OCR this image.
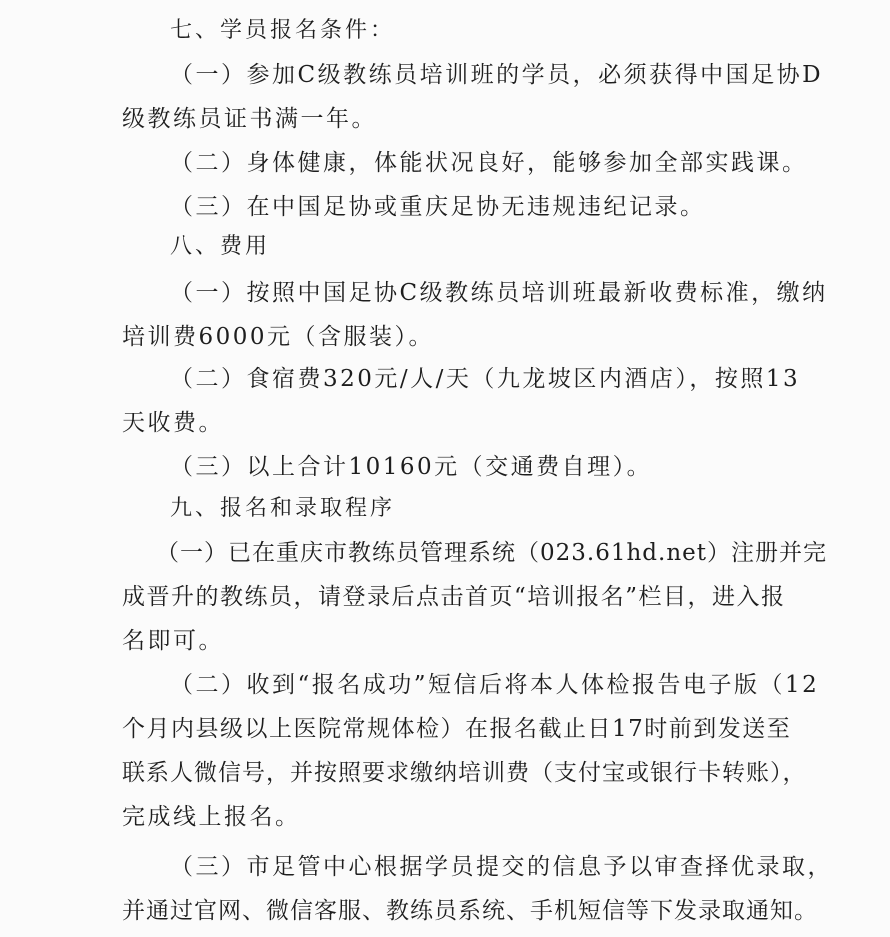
七、学员报名条件：
（一）参加C级教练员培训班的学员，必须获得中国足协D
级教练员证书满一年。
（二）身体健康，体能状况良好，能够参加全部实践课。
（三）在中国足协或重庆足协无违规违纪记录。
八、费用
（一）按照中国足协C级教练员培训班最新收费标准，缴纳
培训费6000元（含服装）。
（二）食宿费320元/人/天（九龙坡区内酒店），按照13
天收费。
（三）以上合计10160元（交通费自理）。
九、报名和录取程序
（一）已在重庆市教练员管理系统（023.61hd.net）注册并完
成晋升的教练员，请登录后点击首页“培训报名”栏目，进入报
名即可。
（二）收到“报名成功”短信后将本人体检报告电子版（12
个月内县级以上医院常规体检）在报名截止日17时前到发送至
联系人微信号，并按照要求缴纳培训费（支付宝或银行卡转账），
完成线上报名。
（三）市足管中心根据学员提交的信息予以审查择优录取，
并通过官网、微信客服、教练员系统、手机短信等下发录取通知。
